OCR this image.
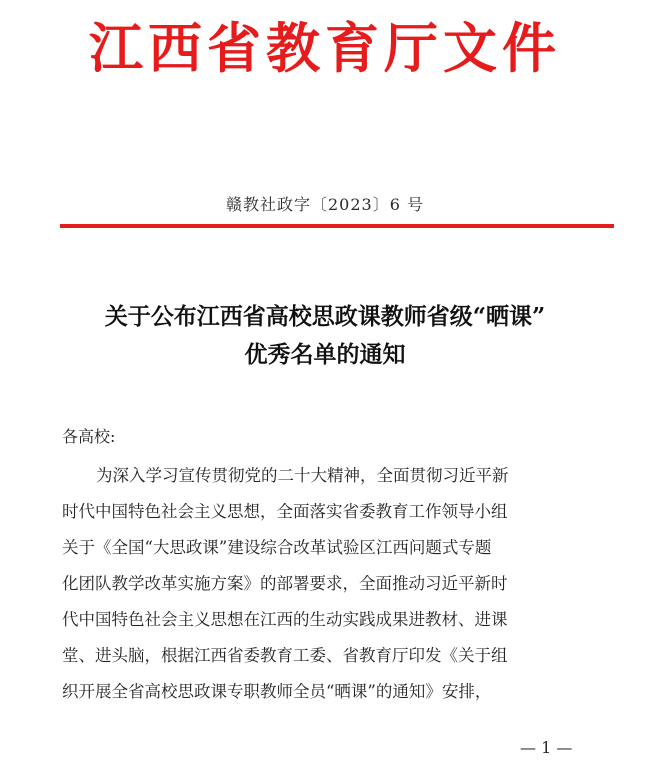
江西省教育厅文件
赣教社政字〔2023〕6 号
关于公布江西省高校思政课教师省级“晒课”
优秀名单的通知
各高校:
为深入学习宣传贯彻党的二十大精神，全面贯彻习近平新
时代中国特色社会主义思想，全面落实省委教育工作领导小组
关于《全国“大思政课”建设综合改革试验区江西问题式专题
化团队教学改革实施方案》的部署要求，全面推动习近平新时
代中国特色社会主义思想在江西的生动实践成果进教材、进课
堂、进头脑，根据江西省委教育工委、省教育厅印发《关于组
织开展全省高校思政课专职教师全员“晒课”的通知》安排，
— 1 —
